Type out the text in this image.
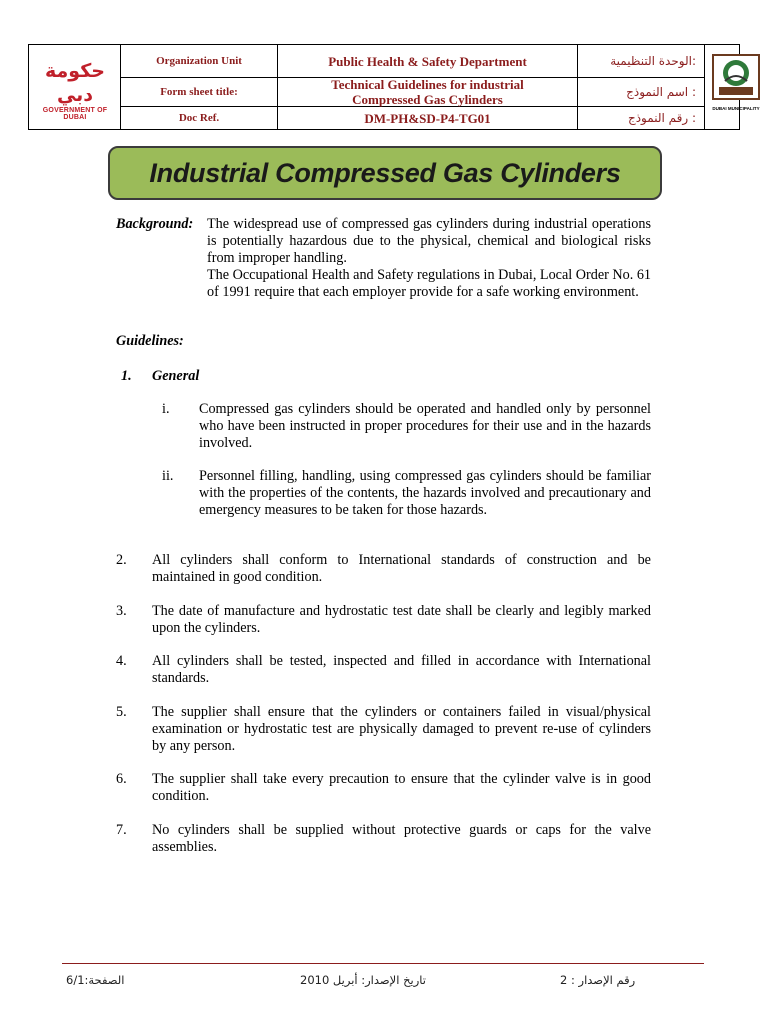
حكومة دبي
GOVERNMENT OF DUBAI
Organization Unit
Form sheet title:
Doc Ref.
Public Health & Safety Department
Technical Guidelines for industrial Compressed Gas Cylinders
DM-PH&SD-P4-TG01
الوحدة التنظيمية:
اسم النموذج :
رقم النموذج :
DUBAI MUNICIPALITY
Industrial Compressed Gas Cylinders
Background: The widespread use of compressed gas cylinders during industrial operations is potentially hazardous due to the physical, chemical and biological risks from improper handling.
The Occupational Health and Safety regulations in Dubai, Local Order No. 61 of 1991 require that each employer provide for a safe working environment.
Guidelines:
1. General
i. Compressed gas cylinders should be operated and handled only by personnel who have been instructed in proper procedures for their use and in the hazards involved.
ii. Personnel filling, handling, using compressed gas cylinders should be familiar with the properties of the contents, the hazards involved and precautionary and emergency measures to be taken for those hazards.
2. All cylinders shall conform to International standards of construction and be maintained in good condition.
3. The date of manufacture and hydrostatic test date shall be clearly and legibly marked upon the cylinders.
4. All cylinders shall be tested, inspected and filled in accordance with International standards.
5. The supplier shall ensure that the cylinders or containers failed in visual/physical examination or hydrostatic test are physically damaged to prevent re-use of cylinders by any person.
6. The supplier shall take every precaution to ensure that the cylinder valve is in good condition.
7. No cylinders shall be supplied without protective guards or caps for the valve assemblies.
الصفحة:6/1	تاريخ الإصدار: أبريل 2010	رقم الإصدار : 2
